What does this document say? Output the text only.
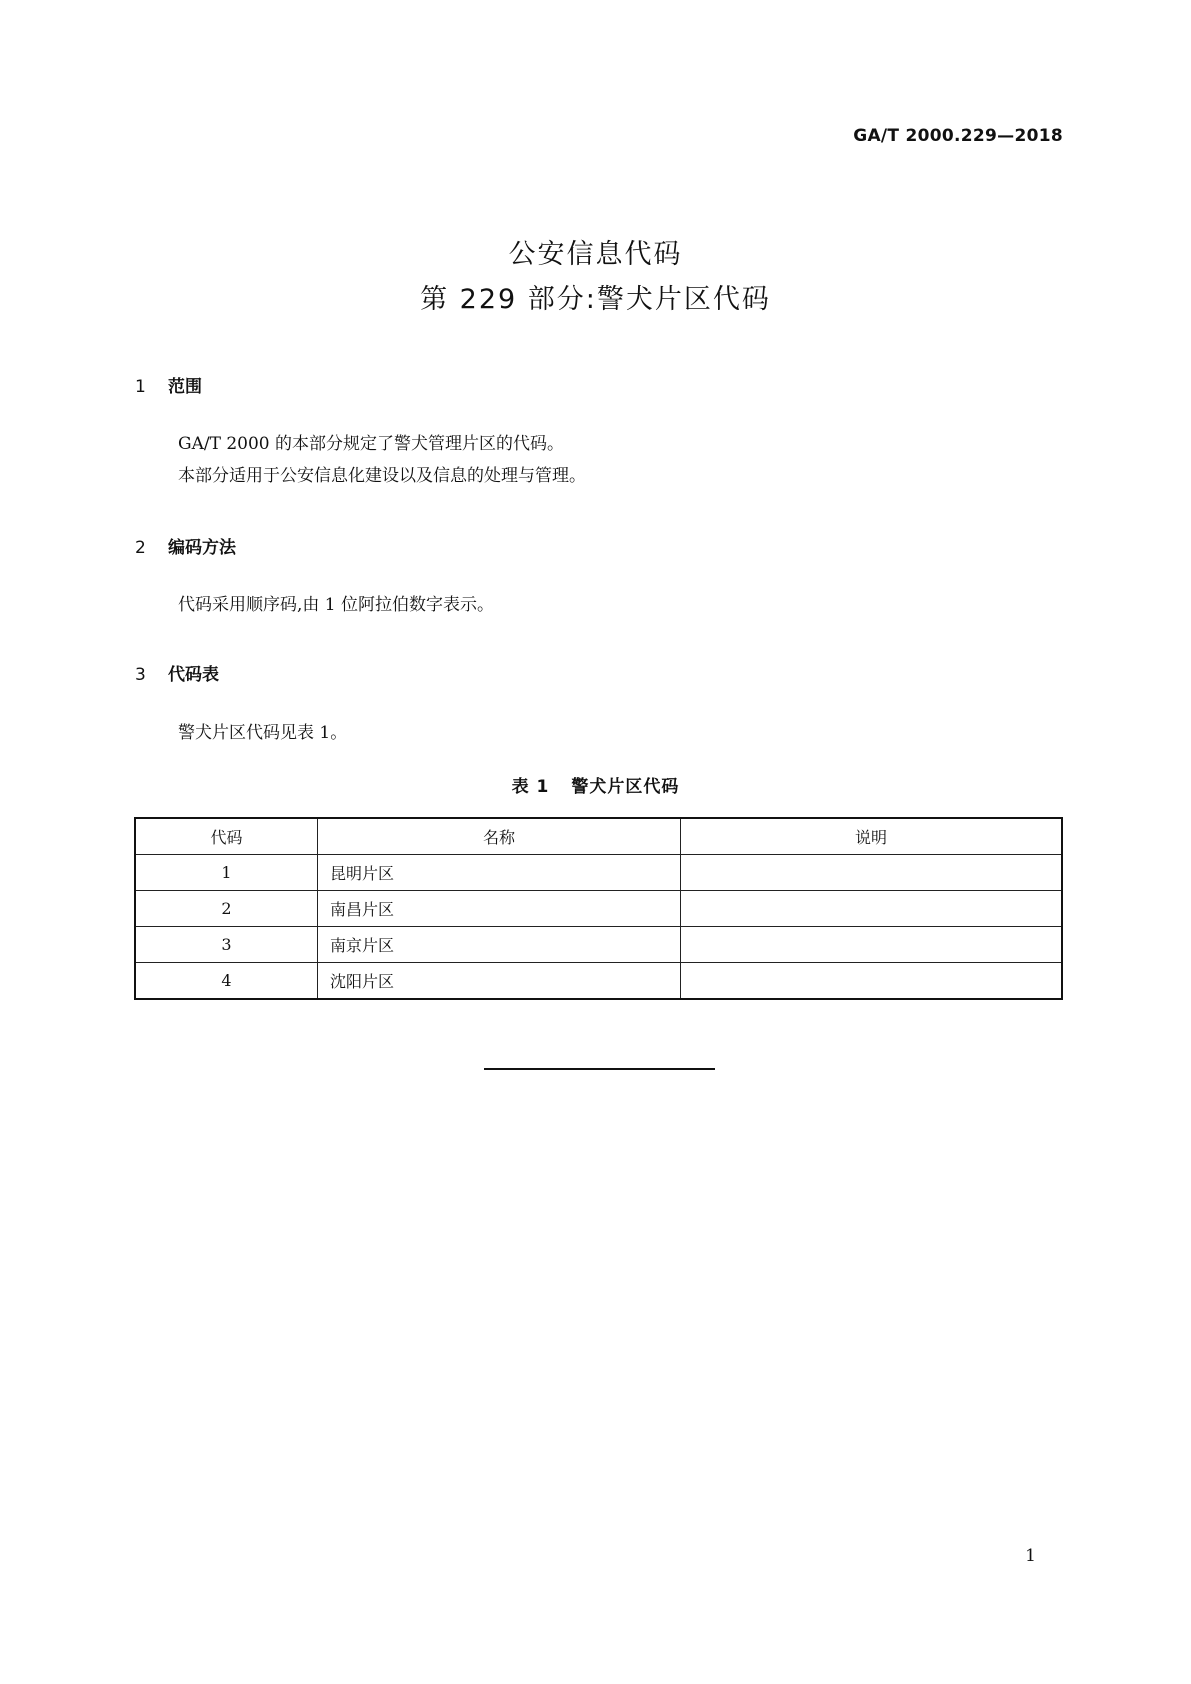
GA/T 2000.229—2018
公安信息代码
第 229 部分:警犬片区代码
1 范围
GA/T 2000 的本部分规定了警犬管理片区的代码。
本部分适用于公安信息化建设以及信息的处理与管理。
2 编码方法
代码采用顺序码,由 1 位阿拉伯数字表示。
3 代码表
警犬片区代码见表 1。
表 1 警犬片区代码
代码	名称	说明
1	昆明片区	
2	南昌片区	
3	南京片区	
4	沈阳片区	
1
